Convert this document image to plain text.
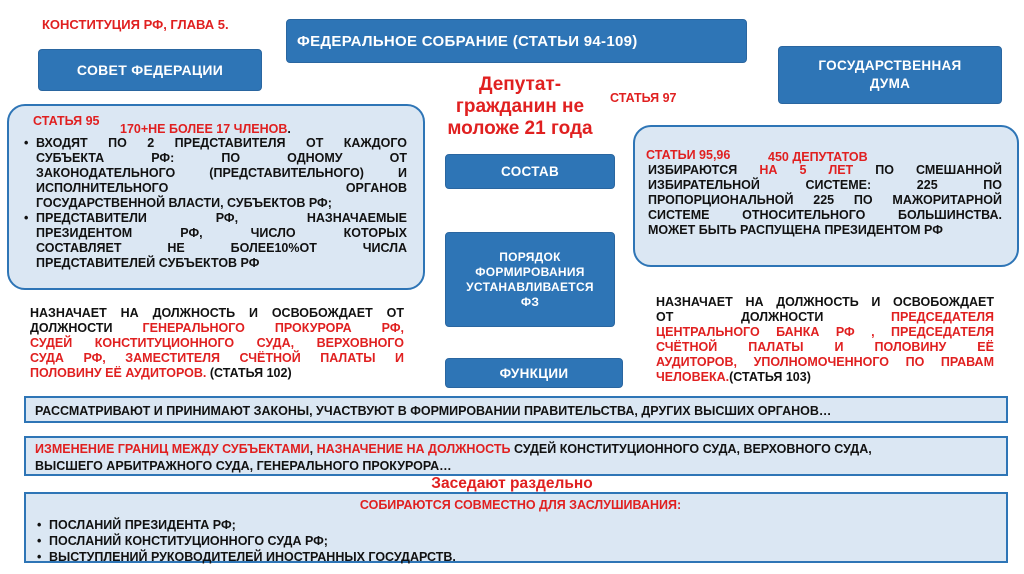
КОНСТИТУЦИЯ РФ, ГЛАВА 5.
ФЕДЕРАЛЬНОЕ СОБРАНИЕ (СТАТЬИ 94-109)
СОВЕТ ФЕДЕРАЦИИ	ГОСУДАРСТВЕННАЯ
ДУМА
Депутат-
гражданин не
моложе 21 года
СТАТЬЯ 97
СТАТЬЯ 95
170+НЕ БОЛЕЕ 17 ЧЛЕНОВ.
• ВХОДЯТ ПО 2 ПРЕДСТАВИТЕЛЯ ОТ КАЖДОГО
СУБЪЕКТА РФ: ПО ОДНОМУ ОТ
ЗАКОНОДАТЕЛЬНОГО (ПРЕДСТАВИТЕЛЬНОГО) И
ИСПОЛНИТЕЛЬНОГО ОРГАНОВ
ГОСУДАРСТВЕННОЙ ВЛАСТИ, СУБЪЕКТОВ РФ;
• ПРЕДСТАВИТЕЛИ РФ, НАЗНАЧАЕМЫЕ
ПРЕЗИДЕНТОМ РФ, ЧИСЛО КОТОРЫХ
СОСТАВЛЯЕТ НЕ БОЛЕЕ10%ОТ ЧИСЛА
ПРЕДСТАВИТЕЛЕЙ СУБЪЕКТОВ РФ
СТАТЬИ 95,96	450 ДЕПУТАТОВ
ИЗБИРАЮТСЯ НА 5 ЛЕТ ПО СМЕШАННОЙ
ИЗБИРАТЕЛЬНОЙ СИСТЕМЕ: 225 ПО
ПРОПОРЦИОНАЛЬНОЙ 225 ПО МАЖОРИТАРНОЙ
СИСТЕМЕ ОТНОСИТЕЛЬНОГО БОЛЬШИНСТВА.
МОЖЕТ БЫТЬ РАСПУЩЕНА ПРЕЗИДЕНТОМ РФ
СОСТАВ
ПОРЯДОК
ФОРМИРОВАНИЯ
УСТАНАВЛИВАЕТСЯ
ФЗ
ФУНКЦИИ
НАЗНАЧАЕТ НА ДОЛЖНОСТЬ И ОСВОБОЖДАЕТ ОТ
ДОЛЖНОСТИ ГЕНЕРАЛЬНОГО ПРОКУРОРА РФ,
СУДЕЙ КОНСТИТУЦИОННОГО СУДА, ВЕРХОВНОГО
СУДА РФ, ЗАМЕСТИТЕЛЯ СЧЁТНОЙ ПАЛАТЫ И
ПОЛОВИНУ ЕЁ АУДИТОРОВ. (СТАТЬЯ 102)
НАЗНАЧАЕТ НА ДОЛЖНОСТЬ И ОСВОБОЖДАЕТ
ОТ ДОЛЖНОСТИ	ПРЕДСЕДАТЕЛЯ
ЦЕНТРАЛЬНОГО БАНКА РФ , ПРЕДСЕДАТЕЛЯ
СЧЁТНОЙ ПАЛАТЫ И ПОЛОВИНУ ЕЁ
АУДИТОРОВ, УПОЛНОМОЧЕННОГО ПО ПРАВАМ
ЧЕЛОВЕКА.(СТАТЬЯ 103)
РАССМАТРИВАЮТ И ПРИНИМАЮТ ЗАКОНЫ, УЧАСТВУЮТ В ФОРМИРОВАНИИ ПРАВИТЕЛЬСТВА, ДРУГИХ ВЫСШИХ ОРГАНОВ…
ИЗМЕНЕНИЕ ГРАНИЦ МЕЖДУ СУБЪЕКТАМИ, НАЗНАЧЕНИЕ НА ДОЛЖНОСТЬ СУДЕЙ КОНСТИТУЦИОННОГО СУДА, ВЕРХОВНОГО СУДА,
ВЫСШЕГО АРБИТРАЖНОГО СУДА, ГЕНЕРАЛЬНОГО ПРОКУРОРА…
Заседают раздельно
СОБИРАЮТСЯ СОВМЕСТНО ДЛЯ ЗАСЛУШИВАНИЯ:
• ПОСЛАНИЙ ПРЕЗИДЕНТА РФ;
• ПОСЛАНИЙ КОНСТИТУЦИОННОГО СУДА РФ;
• ВЫСТУПЛЕНИЙ РУКОВОДИТЕЛЕЙ ИНОСТРАННЫХ ГОСУДАРСТВ.
